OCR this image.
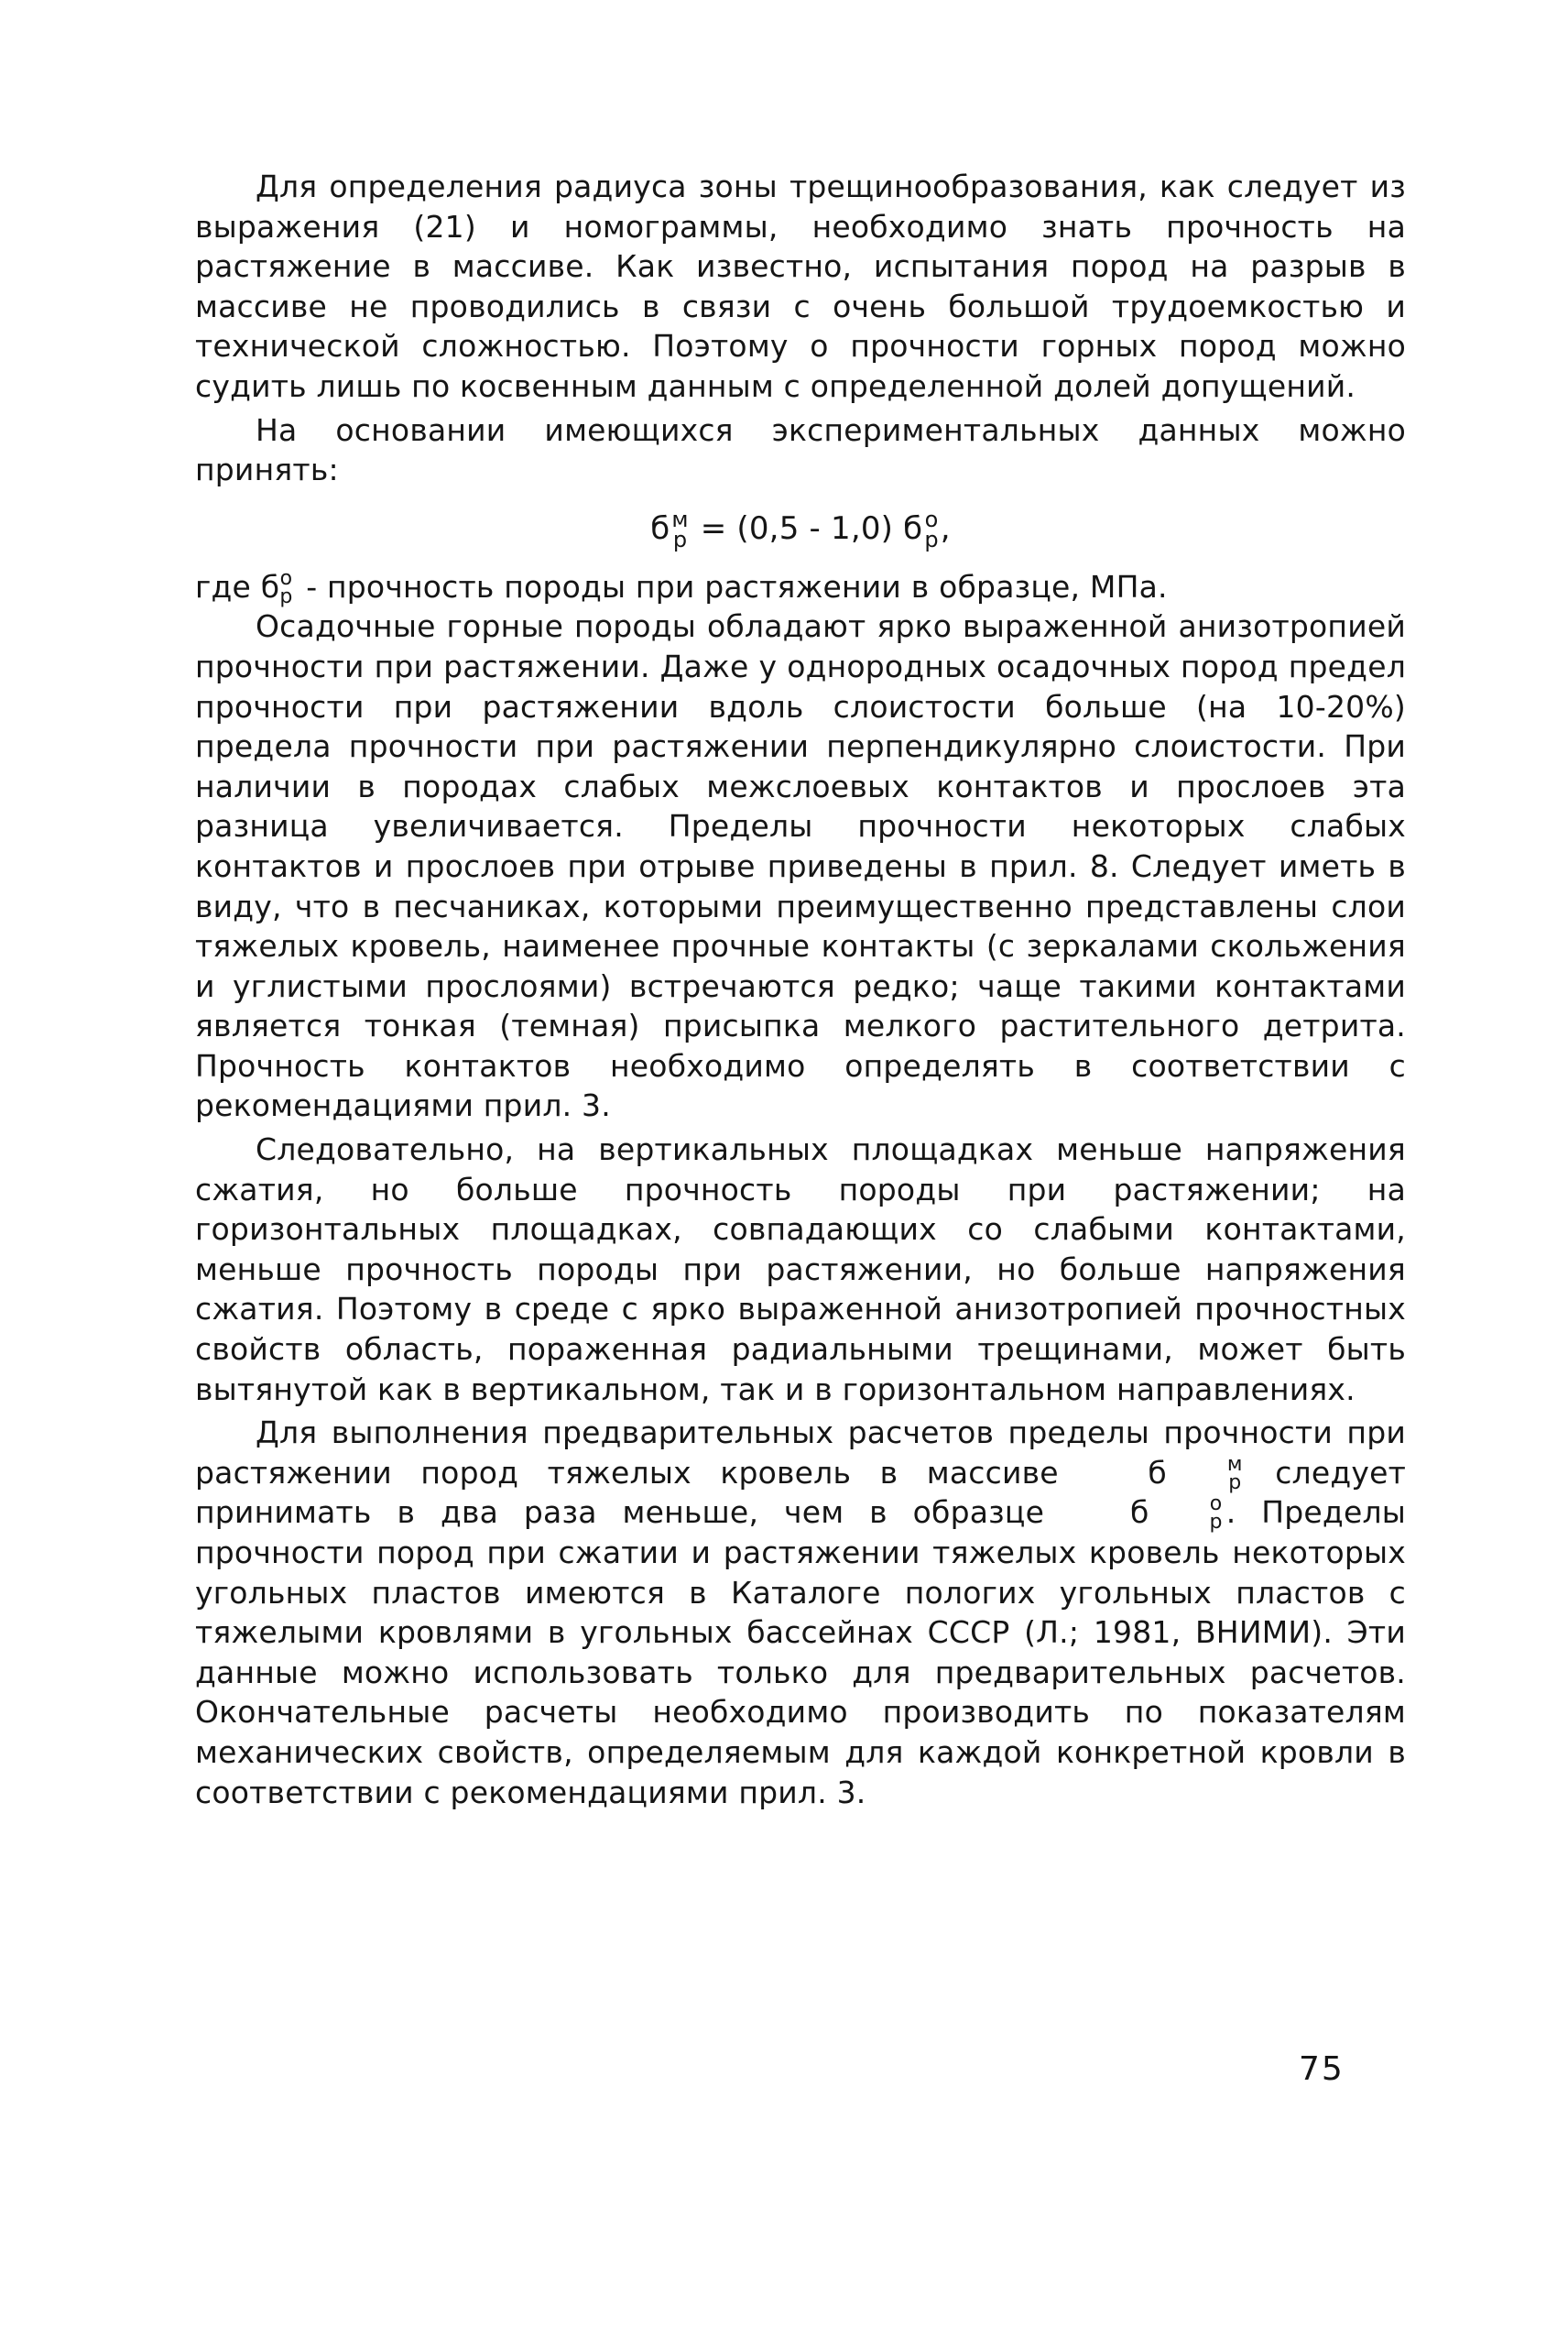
Для определения радиуса зоны трещинообразования, как следует из выражения (21) и номограммы, необходимо знать прочность на растяжение в массиве. Как известно, испытания пород на разрыв в массиве не проводились в связи с очень большой трудоемкостью и технической сложностью. Поэтому о прочности горных пород можно судить лишь по косвенным данным с определенной долей допущений.

На основании имеющихся экспериментальных данных можно принять:

б м
р = (0,5 - 1,0) б о
р ,

где б о
р - прочность породы при растяжении в образце, МПа.

Осадочные горные породы обладают ярко выраженной анизотропией прочности при растяжении. Даже у однородных осадочных пород предел прочности при растяжении вдоль слоистости больше (на 10-20%) предела прочности при растяжении перпендикулярно слоистости. При наличии в породах слабых межслоевых контактов и прослоев эта разница увеличивается. Пределы прочности некоторых слабых контактов и прослоев при отрыве приведены в прил. 8. Следует иметь в виду, что в песчаниках, которыми преимущественно представлены слои тяжелых кровель, наименее прочные контакты (с зеркалами скольжения и углистыми прослоями) встречаются редко; чаще такими контактами является тонкая (темная) присыпка мелкого растительного детрита. Прочность контактов необходимо определять в соответствии с рекомендациями прил. 3.

Следовательно, на вертикальных площадках меньше напряжения сжатия, но больше прочность породы при растяжении; на горизонтальных площадках, совпадающих со слабыми контактами, меньше прочность породы при растяжении, но больше напряжения сжатия. Поэтому в среде с ярко выраженной анизотропией прочностных свойств область, пораженная радиальными трещинами, может быть вытянутой как в вертикальном, так и в горизонтальном направлениях.

Для выполнения предварительных расчетов пределы прочности при растяжении пород тяжелых кровель в массиве б	м
р следует принимать в два раза меньше, чем в образце б	о
р . Пределы прочности пород при сжатии и растяжении тяжелых кровель некоторых угольных пластов имеются в Каталоге пологих угольных пластов с тяжелыми кровлями в угольных бассейнах СССР (Л.; 1981, ВНИМИ). Эти данные можно использовать только для предварительных расчетов. Окончательные расчеты необходимо производить по показателям механических свойств, определяемым для каждой конкретной кровли в соответствии с рекомендациями прил. 3.

75
